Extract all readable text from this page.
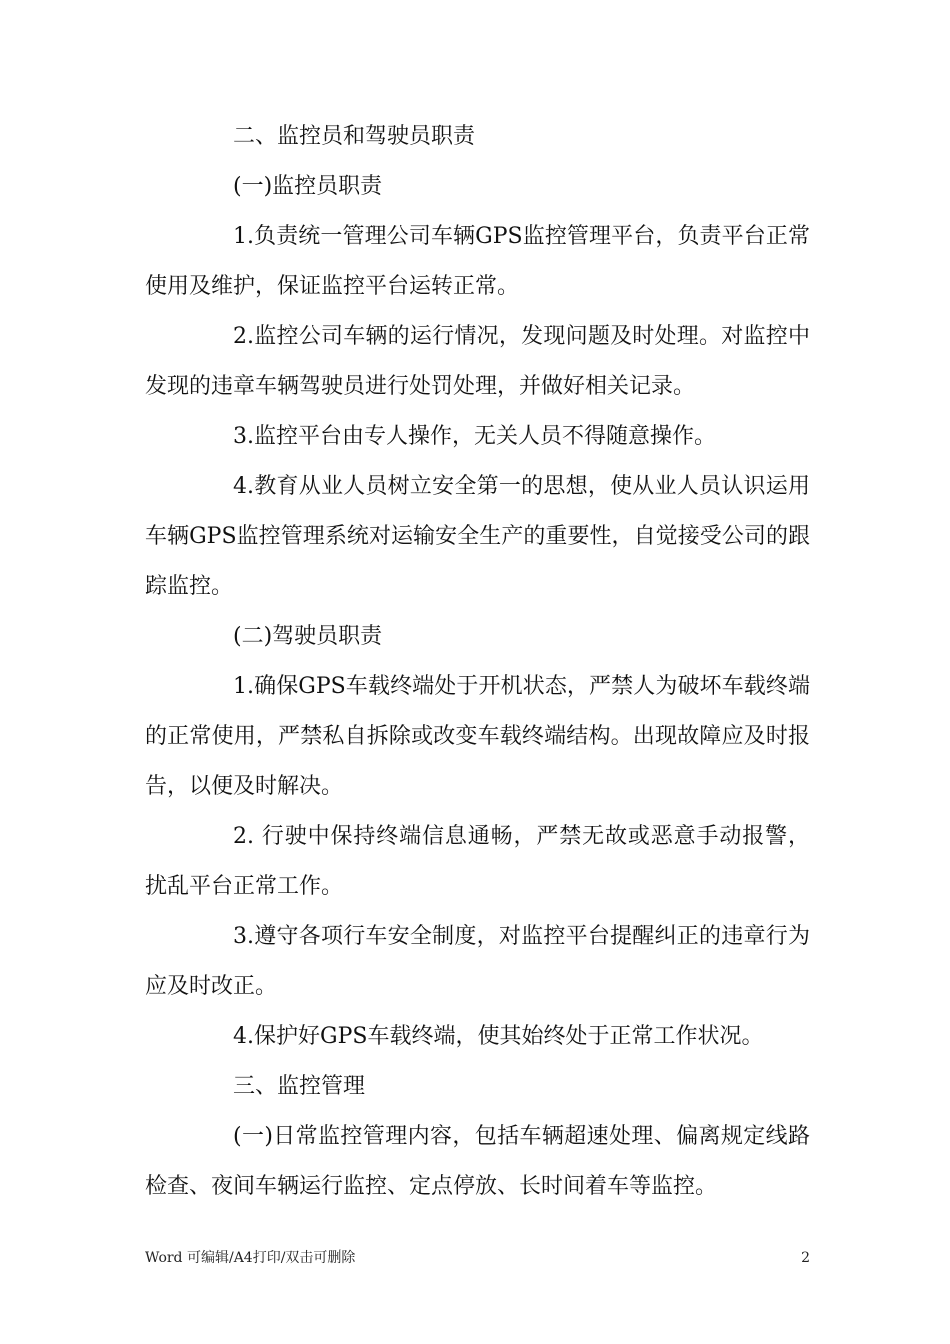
二、监控员和驾驶员职责

(一)监控员职责

1.负责统一管理公司车辆GPS监控管理平台，负责平台正常使用及维护，保证监控平台运转正常。

2.监控公司车辆的运行情况，发现问题及时处理。对监控中发现的违章车辆驾驶员进行处罚处理，并做好相关记录。

3.监控平台由专人操作，无关人员不得随意操作。

4.教育从业人员树立安全第一的思想，使从业人员认识运用车辆GPS监控管理系统对运输安全生产的重要性，自觉接受公司的跟踪监控。

(二)驾驶员职责

1.确保GPS车载终端处于开机状态，严禁人为破坏车载终端的正常使用，严禁私自拆除或改变车载终端结构。出现故障应及时报告，以便及时解决。

2. 行驶中保持终端信息通畅，严禁无故或恶意手动报警，扰乱平台正常工作。

3.遵守各项行车安全制度，对监控平台提醒纠正的违章行为应及时改正。

4.保护好GPS车载终端，使其始终处于正常工作状况。

三、监控管理

(一)日常监控管理内容，包括车辆超速处理、偏离规定线路检查、夜间车辆运行监控、定点停放、长时间着车等监控。

Word 可编辑/A4打印/双击可删除	2
